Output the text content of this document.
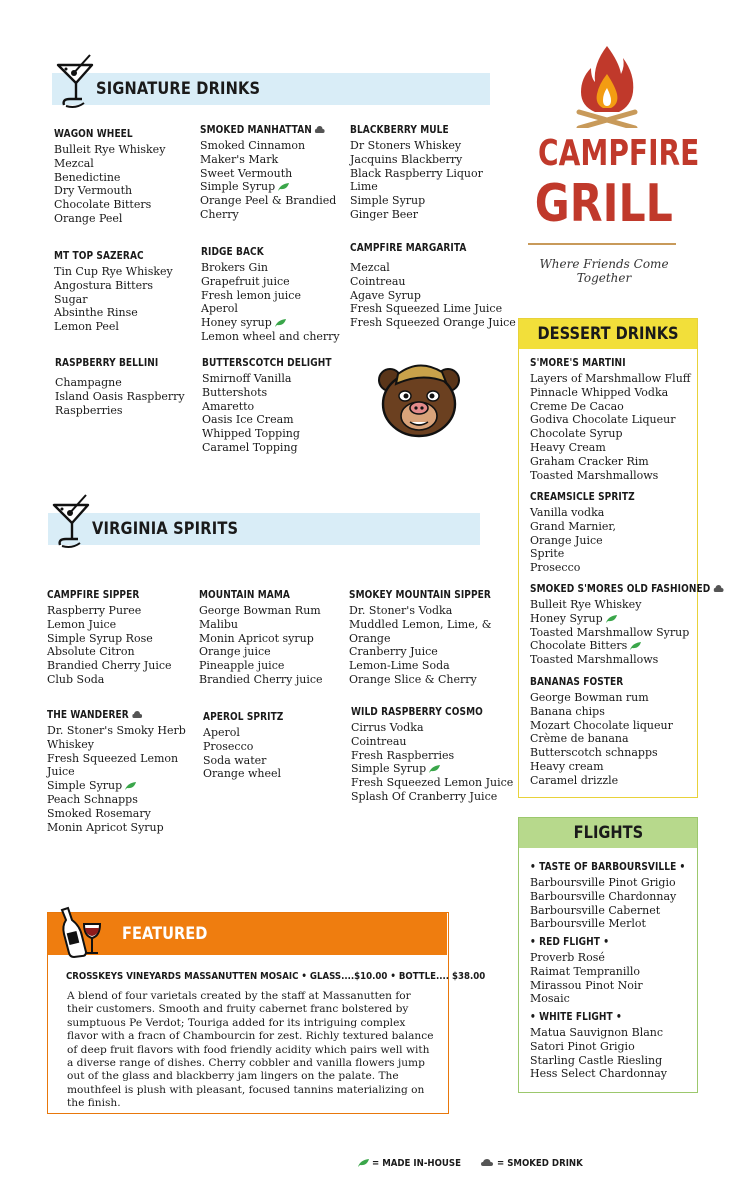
SIGNATURE DRINKS
WAGON WHEEL
Bulleit Rye Whiskey
Mezcal
Benedictine
Dry Vermouth
Chocolate Bitters
Orange Peel
SMOKED MANHATTAN
Smoked Cinnamon
Maker's Mark
Sweet Vermouth
Simple Syrup
Orange Peel & Brandied
Cherry
BLACKBERRY MULE
Dr Stoners Whiskey
Jacquins Blackberry
Black Raspberry Liquor
Lime
Simple Syrup
Ginger Beer
MT TOP SAZERAC
Tin Cup Rye Whiskey
Angostura Bitters
Sugar
Absinthe Rinse
Lemon Peel
RIDGE BACK
Brokers Gin
Grapefruit juice
Fresh lemon juice
Aperol
Honey syrup
Lemon wheel and cherry
CAMPFIRE MARGARITA
Mezcal
Cointreau
Agave Syrup
Fresh Squeezed Lime Juice
Fresh Squeezed Orange Juice
RASPBERRY BELLINI
Champagne
Island Oasis Raspberry
Raspberries
BUTTERSCOTCH DELIGHT
Smirnoff Vanilla
Buttershots
Amaretto
Oasis Ice Cream
Whipped Topping
Caramel Topping
CAMPFIRE
GRILL
Where Friends Come Together
DESSERT DRINKS
S'MORE'S MARTINI
Layers of Marshmallow Fluff
Pinnacle Whipped Vodka
Creme De Cacao
Godiva Chocolate Liqueur
Chocolate Syrup
Heavy Cream
Graham Cracker Rim
Toasted Marshmallows
CREAMSICLE SPRITZ
Vanilla vodka
Grand Marnier,
Orange Juice
Sprite
Prosecco
SMOKED S'MORES OLD FASHIONED
Bulleit Rye Whiskey
Honey Syrup
Toasted Marshmallow Syrup
Chocolate Bitters
Toasted Marshmallows
BANANAS FOSTER
George Bowman rum
Banana chips
Mozart Chocolate liqueur
Crème de banana
Butterscotch schnapps
Heavy cream
Caramel drizzle
VIRGINIA SPIRITS
CAMPFIRE SIPPER
Raspberry Puree
Lemon Juice
Simple Syrup Rose
Absolute Citron
Brandied Cherry Juice
Club Soda
MOUNTAIN MAMA
George Bowman Rum
Malibu
Monin Apricot syrup
Orange juice
Pineapple juice
Brandied Cherry juice
SMOKEY MOUNTAIN SIPPER
Dr. Stoner's Vodka
Muddled Lemon, Lime, &
Orange
Cranberry Juice
Lemon-Lime Soda
Orange Slice & Cherry
THE WANDERER
Dr. Stoner's Smoky Herb
Whiskey
Fresh Squeezed Lemon
Juice
Simple Syrup
Peach Schnapps
Smoked Rosemary
Monin Apricot Syrup
APEROL SPRITZ
Aperol
Prosecco
Soda water
Orange wheel
WILD RASPBERRY COSMO
Cirrus Vodka
Cointreau
Fresh Raspberries
Simple Syrup
Fresh Squeezed Lemon Juice
Splash Of Cranberry Juice
FLIGHTS
• TASTE OF BARBOURSVILLE •
Barboursville Pinot Grigio
Barboursville Chardonnay
Barboursville Cabernet
Barboursville Merlot
• RED FLIGHT •
Proverb Rosé
Raimat Tempranillo
Mirassou Pinot Noir
Mosaic
• WHITE FLIGHT •
Matua Sauvignon Blanc
Satori Pinot Grigio
Starling Castle Riesling
Hess Select Chardonnay
FEATURED
CROSSKEYS VINEYARDS MASSANUTTEN MOSAIC • GLASS....$10.00 • BOTTLE.... $38.00
A blend of four varietals created by the staff at Massanutten for their customers. Smooth and fruity cabernet franc bolstered by sumptuous Pe Verdot; Touriga added for its intriguing complex flavor with a fracn of Chambourcin for zest. Richly textured balance of deep fruit flavors with food friendly acidity which pairs well with a diverse range of dishes. Cherry cobbler and vanilla flowers jump out of the glass and blackberry jam lingers on the palate. The mouthfeel is plush with pleasant, focused tannins materializing on the finish.
= MADE IN-HOUSE	= SMOKED DRINK
